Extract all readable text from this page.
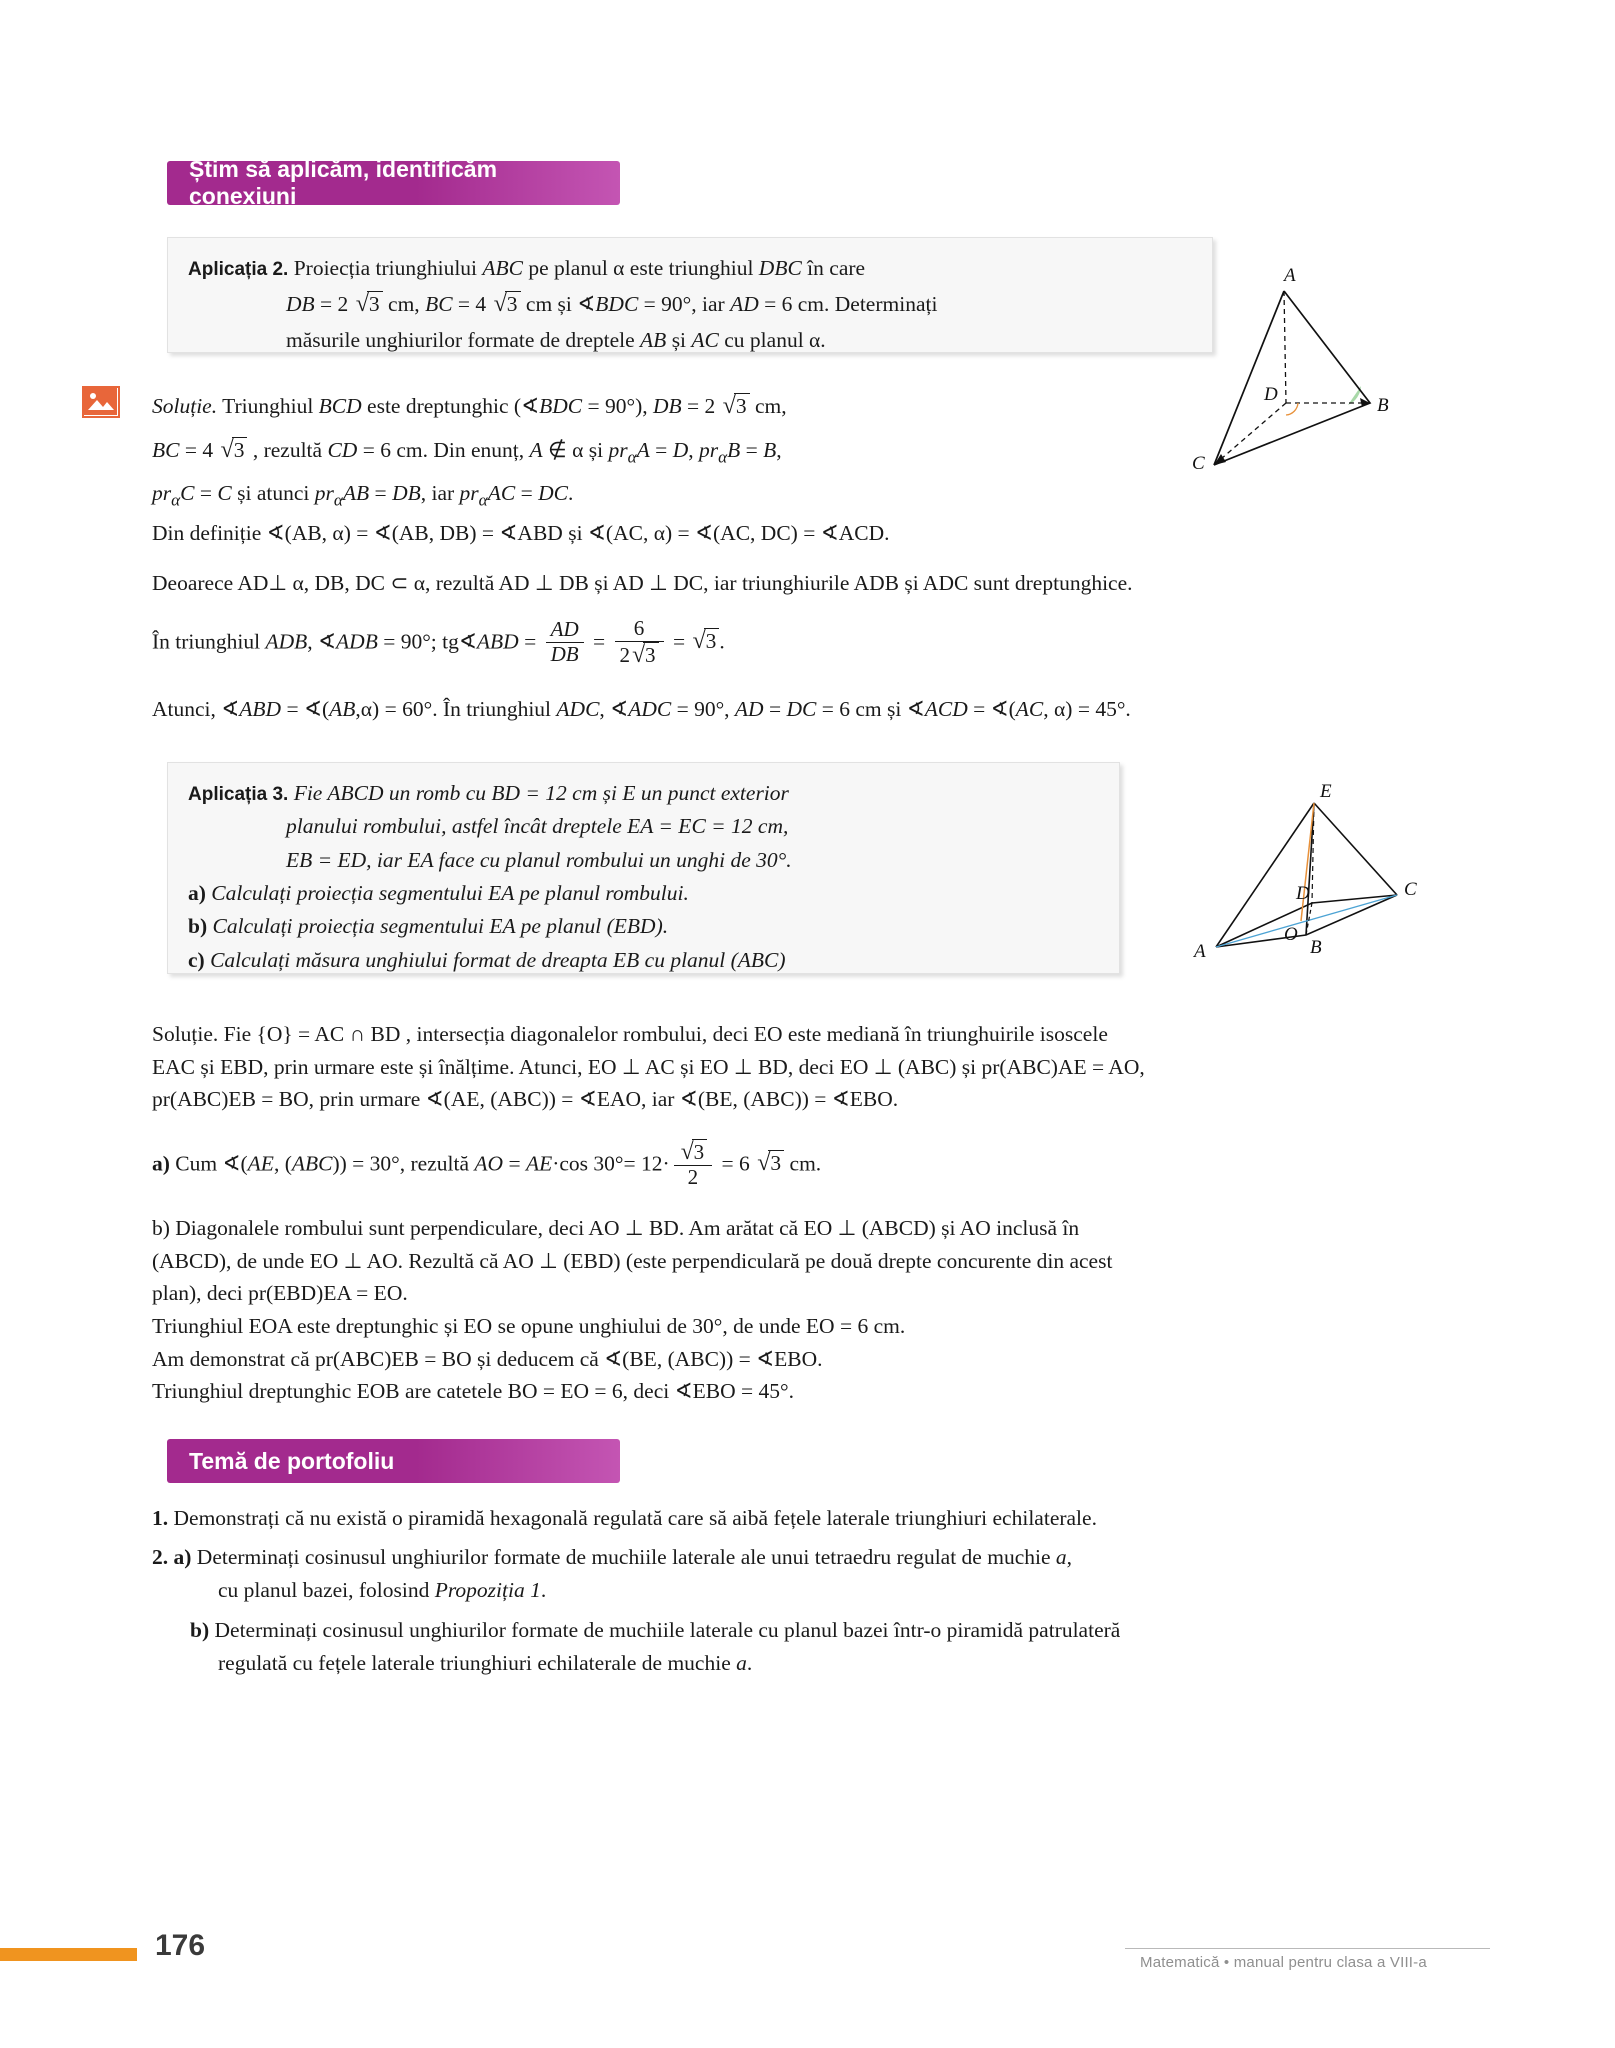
Știm să aplicăm, identificăm conexiuni
Aplicația 2. Proiecția triunghiului ABC pe planul α este triunghiul DBC în care
DB = 2 √3 cm, BC = 4 √3 cm și ∢BDC = 90°, iar AD = 6 cm. Determinați
măsurile unghiurilor formate de dreptele AB și AC cu planul α.
A
B
C
D
Soluție. Triunghiul BCD este dreptunghic (∢BDC = 90°), DB = 2 √3 cm,
BC = 4 √3 , rezultă CD = 6 cm. Din enunț, A ∉ α și $pr_\alpha A = D$, $pr_\alpha B = B$,
$pr_\alpha C = C$ și atunci $pr_\alpha AB$ = DB, iar $pr_\alpha AC$ = DC.
Din definiție ∢(AB, α) = ∢(AB, DB) = ∢ABD și ∢(AC, α) = ∢(AC, DC) = ∢ACD.
Deoarece AD⊥ α, DB, DC ⊂ α, rezultă AD ⊥ DB și AD ⊥ DC, iar triunghiurile ADB și ADC sunt dreptunghice.
În triunghiul ADB, ∢ADB = 90°; tg∢ABD = $\frac{AD}{DB} = \frac{6}{2√3} = √3$ .
Atunci, ∢ABD = ∢(AB,α) = 60°. În triunghiul ADC, ∢ADC = 90°, AD = DC = 6 cm și ∢ACD = ∢(AC, α) = 45°.
Aplicația 3. Fie ABCD un romb cu BD = 12 cm și E un punct exterior
planului rombului, astfel încât dreptele EA = EC = 12 cm,
EB = ED, iar EA face cu planul rombului un unghi de 30°.
a) Calculați proiecția segmentului EA pe planul rombului.
b) Calculați proiecția segmentului EA pe planul (EBD).
c) Calculați măsura unghiului format de dreapta EB cu planul (ABC)
E
D	C
A	B
O
Soluție. Fie {O} = AC ∩ BD , intersecția diagonalelor rombului, deci EO este mediană în triunghuirile isoscele
EAC și EBD, prin urmare este și înălțime. Atunci, EO ⊥ AC și EO ⊥ BD, deci EO ⊥ (ABC) și pr(ABC)AE = AO,
pr(ABC)EB = BO, prin urmare ∢(AE, (ABC)) = ∢EAO, iar ∢(BE, (ABC)) = ∢EBO.
a) Cum ∢(AE, (ABC)) = 30°, rezultă AO = AE·cos $30^\circ= 12\cdot \frac{√3}{2} = 6$ √3 cm.
b) Diagonalele rombului sunt perpendiculare, deci AO ⊥ BD. Am arătat că EO ⊥ (ABCD) și AO inclusă în
(ABCD), de unde EO ⊥ AO. Rezultă că AO ⊥ (EBD) (este perpendiculară pe două drepte concurente din acest
plan), deci pr(EBD)EA = EO.
Triunghiul EOA este dreptunghic și EO se opune unghiului de 30°, de unde EO = 6 cm.
Am demonstrat că pr(ABC)EB = BO și deducem că ∢(BE, (ABC)) = ∢EBO.
Triunghiul dreptunghic EOB are catetele BO = EO = 6, deci ∢EBO = 45°.
Temă de portofoliu
1. Demonstrați că nu există o piramidă hexagonală regulată care să aibă fețele laterale triunghiuri echilaterale.
2. a) Determinați cosinusul unghiurilor formate de muchiile laterale ale unui tetraedru regulat de muchie a,
cu planul bazei, folosind Propoziția 1.
b) Determinați cosinusul unghiurilor formate de muchiile laterale cu planul bazei într-o piramidă patrulateră
regulată cu fețele laterale triunghiuri echilaterale de muchie a.
176
Matematică • manual pentru clasa a VIII-a
